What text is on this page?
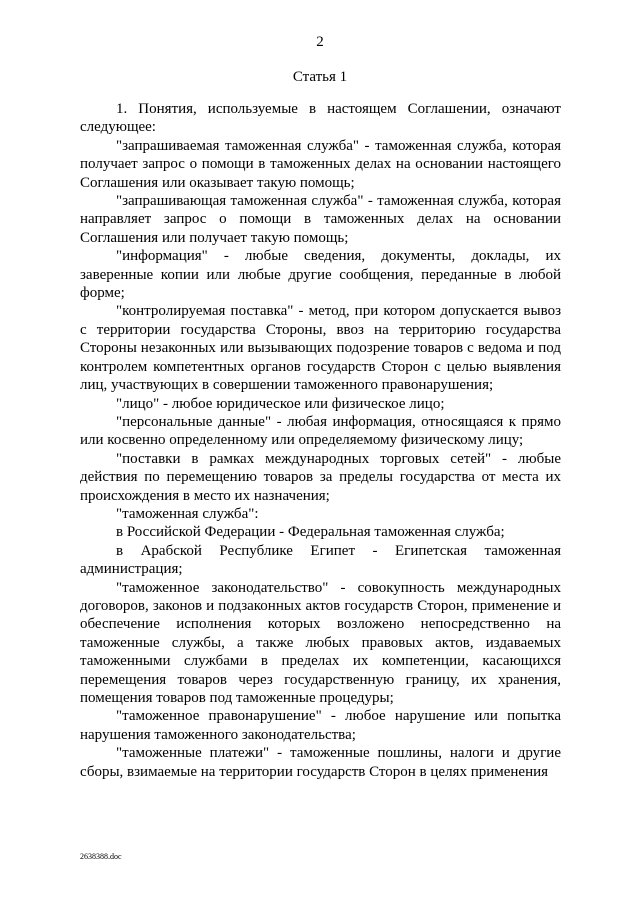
2
Статья 1

1. Понятия, используемые в настоящем Соглашении, означают следующее:

"запрашиваемая таможенная служба" - таможенная служба, которая получает запрос о помощи в таможенных делах на основании настоящего Соглашения или оказывает такую помощь;

"запрашивающая таможенная служба" - таможенная служба, которая направляет запрос о помощи в таможенных делах на основании Соглашения или получает такую помощь;

"информация" - любые сведения, документы, доклады, их заверенные копии или любые другие сообщения, переданные в любой форме;

"контролируемая поставка" - метод, при котором допускается вывоз с территории государства Стороны, ввоз на территорию государства Стороны незаконных или вызывающих подозрение товаров с ведома и под контролем компетентных органов государств Сторон с целью выявления лиц, участвующих в совершении таможенного правонарушения;

"лицо" - любое юридическое или физическое лицо;

"персональные данные" - любая информация, относящаяся к прямо или косвенно определенному или определяемому физическому лицу;

"поставки в рамках международных торговых сетей" - любые действия по перемещению товаров за пределы государства от места их происхождения в место их назначения;

"таможенная служба":

в Российской Федерации - Федеральная таможенная служба;

в Арабской Республике Египет - Египетская таможенная администрация;

"таможенное законодательство" - совокупность международных договоров, законов и подзаконных актов государств Сторон, применение и обеспечение исполнения которых возложено непосредственно на таможенные службы, а также любых правовых актов, издаваемых таможенными службами в пределах их компетенции, касающихся перемещения товаров через государственную границу, их хранения, помещения товаров под таможенные процедуры;

"таможенное правонарушение" - любое нарушение или попытка нарушения таможенного законодательства;

"таможенные платежи" - таможенные пошлины, налоги и другие сборы, взимаемые на территории государств Сторон в целях применения

2638388.doc
